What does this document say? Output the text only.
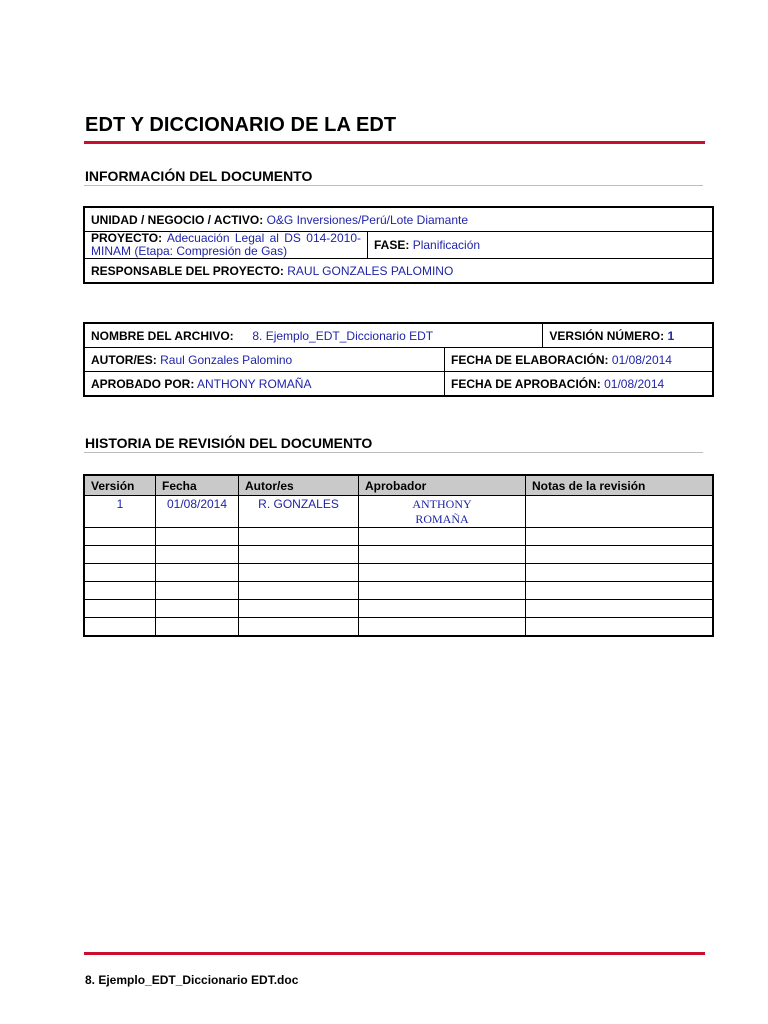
EDT Y DICCIONARIO DE LA EDT
INFORMACIÓN DEL DOCUMENTO
UNIDAD / NEGOCIO / ACTIVO: O&G Inversiones/Perú/Lote Diamante
PROYECTO: Adecuación Legal al DS 014-2010-MINAM (Etapa: Compresión de Gas)	FASE: Planificación
RESPONSABLE DEL PROYECTO: RAUL GONZALES PALOMINO
NOMBRE DEL ARCHIVO: 8. Ejemplo_EDT_Diccionario EDT		VERSIÓN NÚMERO: 1
AUTOR/ES: Raul Gonzales Palomino	FECHA DE ELABORACIÓN: 01/08/2014	
APROBADO POR: ANTHONY ROMAÑA	FECHA DE APROBACIÓN: 01/08/2014	
HISTORIA DE REVISIÓN DEL DOCUMENTO
Versión	Fecha	Autor/es	Aprobador	Notas de la revisión
1	01/08/2014	R. GONZALES	ANTHONY ROMAÑA	

8. Ejemplo_EDT_Diccionario EDT.doc
